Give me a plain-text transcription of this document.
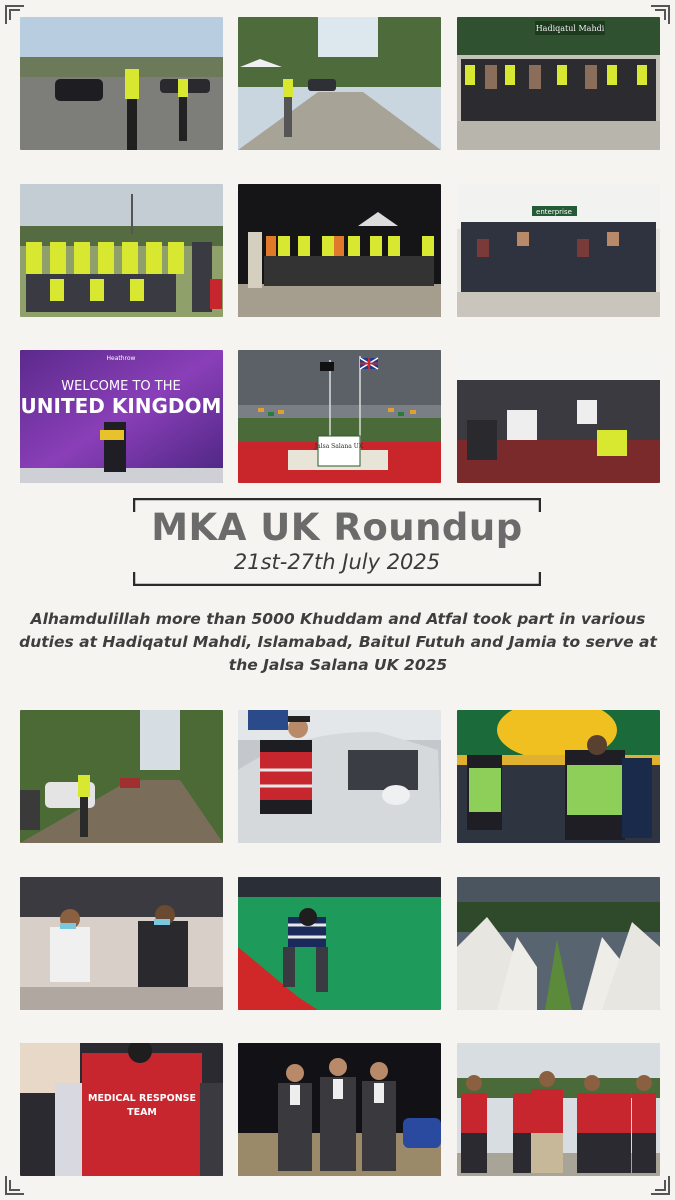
Hadiqatul Mahdi
enterprise
Heathrow
WELCOME TO THE
UNITED KINGDOM
Jalsa Salana UK
MKA UK Roundup
21st-27th July 2025
Alhamdulillah more than 5000 Khuddam and Atfal took part in various duties at Hadiqatul Mahdi, Islamabad, Baitul Futuh and Jamia to serve at the Jalsa Salana UK 2025
MEDICAL RESPONSE
TEAM
